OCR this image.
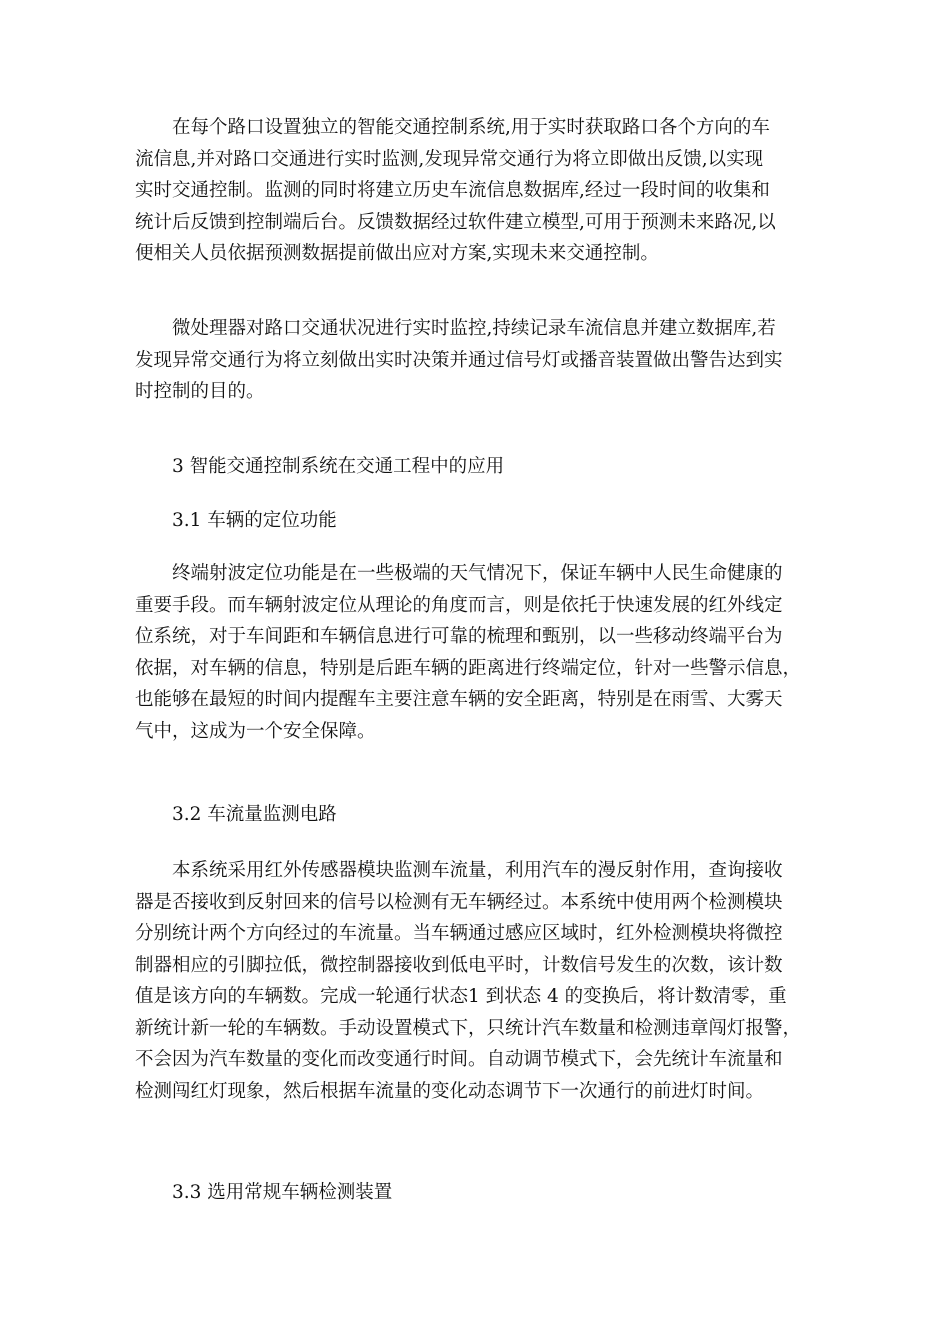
在每个路口设置独立的智能交通控制系统,用于实时获取路口各个方向的车
流信息,并对路口交通进行实时监测,发现异常交通行为将立即做出反馈,以实现
实时交通控制。监测的同时将建立历史车流信息数据库,经过一段时间的收集和
统计后反馈到控制端后台。反馈数据经过软件建立模型,可用于预测未来路况,以
便相关人员依据预测数据提前做出应对方案,实现未来交通控制。

微处理器对路口交通状况进行实时监控,持续记录车流信息并建立数据库,若
发现异常交通行为将立刻做出实时决策并通过信号灯或播音装置做出警告达到实
时控制的目的。

3 智能交通控制系统在交通工程中的应用
3.1 车辆的定位功能

终端射波定位功能是在一些极端的天气情况下，保证车辆中人民生命健康的
重要手段。而车辆射波定位从理论的角度而言，则是依托于快速发展的红外线定
位系统，对于车间距和车辆信息进行可靠的梳理和甄别，以一些移动终端平台为
依据，对车辆的信息，特别是后距车辆的距离进行终端定位，针对一些警示信息，
也能够在最短的时间内提醒车主要注意车辆的安全距离，特别是在雨雪、大雾天
气中，这成为一个安全保障。

3.2 车流量监测电路

本系统采用红外传感器模块监测车流量，利用汽车的漫反射作用，查询接收
器是否接收到反射回来的信号以检测有无车辆经过。本系统中使用两个检测模块
分别统计两个方向经过的车流量。当车辆通过感应区域时，红外检测模块将微控
制器相应的引脚拉低，微控制器接收到低电平时，计数信号发生的次数，该计数
值是该方向的车辆数。完成一轮通行状态1 到状态 4 的变换后，将计数清零，重
新统计新一轮的车辆数。手动设置模式下，只统计汽车数量和检测违章闯灯报警，
不会因为汽车数量的变化而改变通行时间。自动调节模式下，会先统计车流量和
检测闯红灯现象，然后根据车流量的变化动态调节下一次通行的前进灯时间。

3.3 选用常规车辆检测装置
